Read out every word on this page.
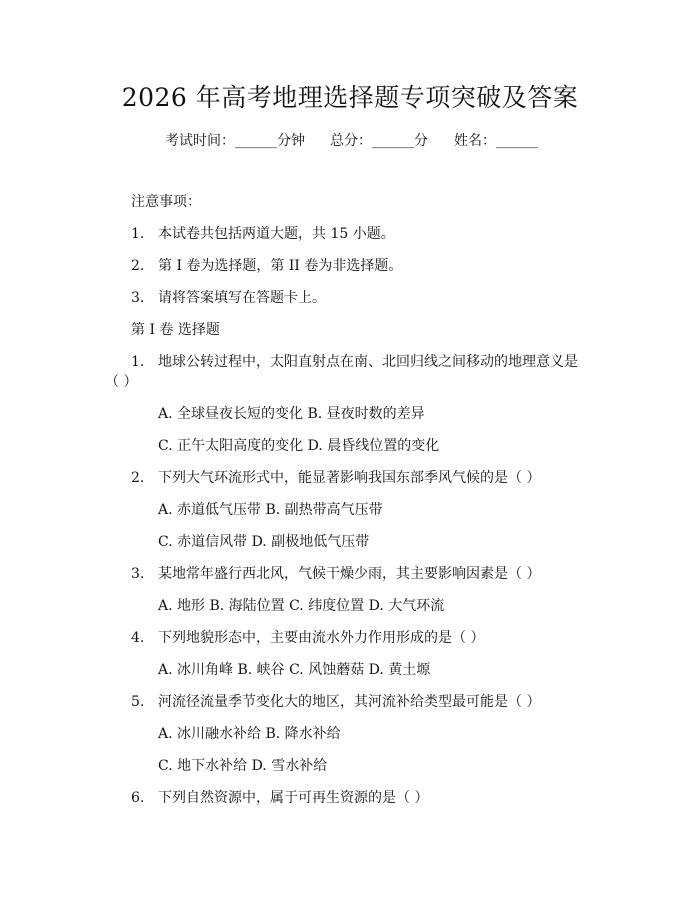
2026 年高考地理选择题专项突破及答案
考试时间：______分钟 总分：______分 姓名：______
注意事项：
1. 本试卷共包括两道大题，共 15 小题。
2. 第 I 卷为选择题，第 II 卷为非选择题。
3. 请将答案填写在答题卡上。
第 I 卷 选择题
1. 地球公转过程中，太阳直射点在南、北回归线之间移动的地理意义是
（ ）
A. 全球昼夜长短的变化 B. 昼夜时数的差异
C. 正午太阳高度的变化 D. 晨昏线位置的变化
2. 下列大气环流形式中，能显著影响我国东部季风气候的是（ ）
A. 赤道低气压带 B. 副热带高气压带
C. 赤道信风带 D. 副极地低气压带
3. 某地常年盛行西北风，气候干燥少雨，其主要影响因素是（ ）
A. 地形 B. 海陆位置 C. 纬度位置 D. 大气环流
4. 下列地貌形态中，主要由流水外力作用形成的是（ ）
A. 冰川角峰 B. 峡谷 C. 风蚀蘑菇 D. 黄土塬
5. 河流径流量季节变化大的地区，其河流补给类型最可能是（ ）
A. 冰川融水补给 B. 降水补给
C. 地下水补给 D. 雪水补给
6. 下列自然资源中，属于可再生资源的是（ ）
